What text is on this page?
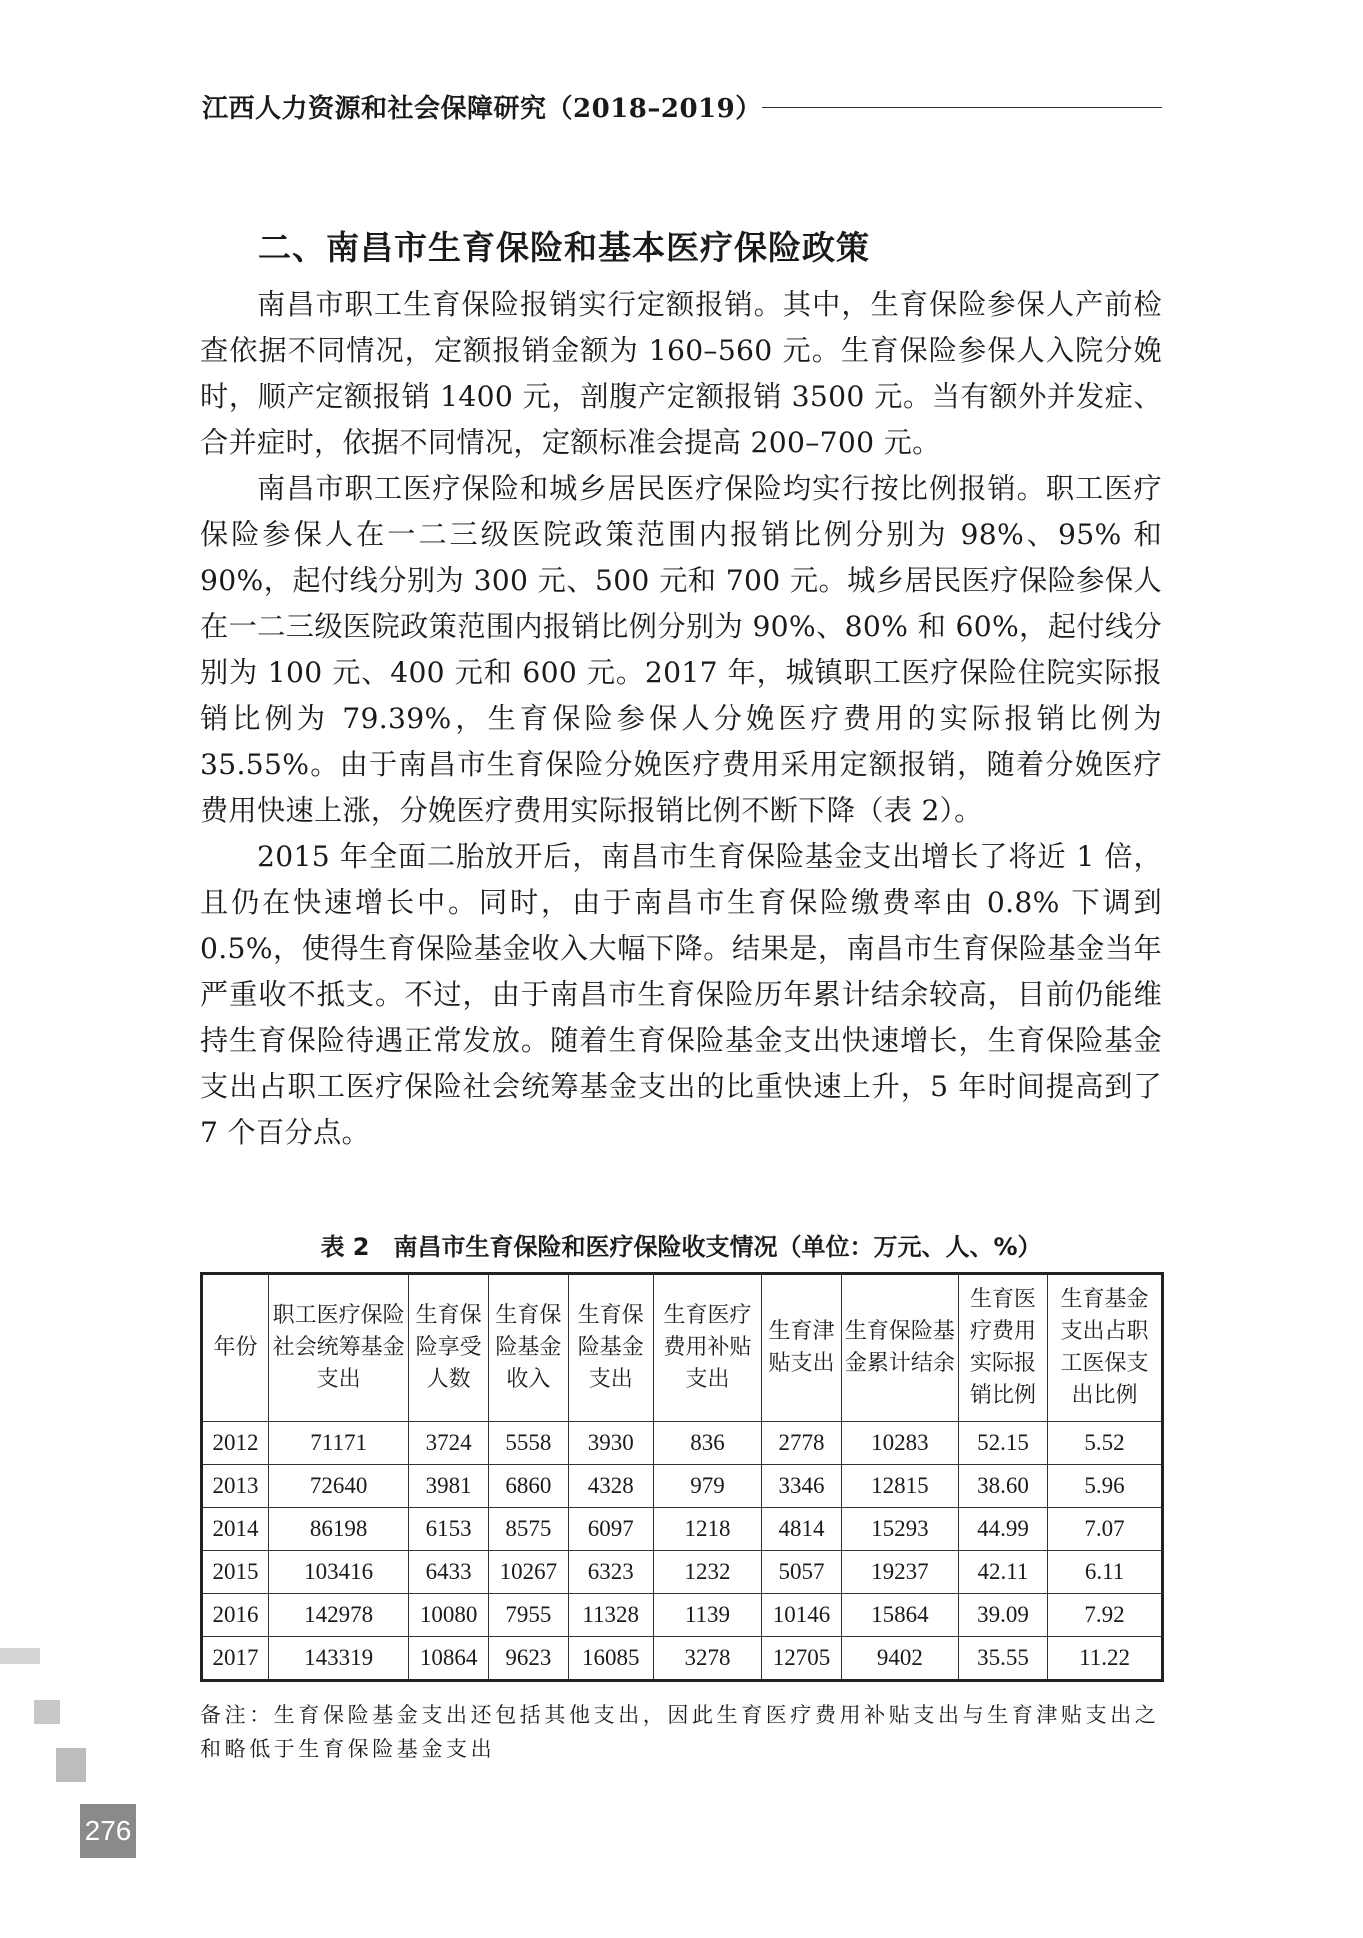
江西人力资源和社会保障研究（2018–2019）
二、南昌市生育保险和基本医疗保险政策

南昌市职工生育保险报销实行定额报销。其中，生育保险参保人产前检查依据不同情况，定额报销金额为 160–560 元。生育保险参保人入院分娩时，顺产定额报销 1400 元，剖腹产定额报销 3500 元。当有额外并发症、合并症时，依据不同情况，定额标准会提高 200–700 元。

南昌市职工医疗保险和城乡居民医疗保险均实行按比例报销。职工医疗保险参保人在一二三级医院政策范围内报销比例分别为 98%、95% 和 90%，起付线分别为 300 元、500 元和 700 元。城乡居民医疗保险参保人在一二三级医院政策范围内报销比例分别为 90%、80% 和 60%，起付线分别为 100 元、400 元和 600 元。2017 年，城镇职工医疗保险住院实际报销比例为 79.39%，生育保险参保人分娩医疗费用的实际报销比例为 35.55%。由于南昌市生育保险分娩医疗费用采用定额报销，随着分娩医疗费用快速上涨，分娩医疗费用实际报销比例不断下降（表 2）。

2015 年全面二胎放开后，南昌市生育保险基金支出增长了将近 1 倍，且仍在快速增长中。同时，由于南昌市生育保险缴费率由 0.8% 下调到 0.5%，使得生育保险基金收入大幅下降。结果是，南昌市生育保险基金当年严重收不抵支。不过，由于南昌市生育保险历年累计结余较高，目前仍能维持生育保险待遇正常发放。随着生育保险基金支出快速增长，生育保险基金支出占职工医疗保险社会统筹基金支出的比重快速上升，5 年时间提高到了 7 个百分点。

表 2　南昌市生育保险和医疗保险收支情况（单位：万元、人、%）
年份	职工医疗保险社会统筹基金支出	生育保险享受人数	生育保险基金收入	生育保险基金支出	生育医疗费用补贴支出	生育津贴支出	生育保险基金累计结余	生育医疗费用实际报销比例	生育基金支出占职工医保支出比例
2012	71171	3724	5558	3930	836	2778	10283	52.15	5.52
2013	72640	3981	6860	4328	979	3346	12815	38.60	5.96
2014	86198	6153	8575	6097	1218	4814	15293	44.99	7.07
2015	103416	6433	10267	6323	1232	5057	19237	42.11	6.11
2016	142978	10080	7955	11328	1139	10146	15864	39.09	7.92
2017	143319	10864	9623	16085	3278	12705	9402	35.55	11.22
备注：生育保险基金支出还包括其他支出，因此生育医疗费用补贴支出与生育津贴支出之和略低于生育保险基金支出
276
